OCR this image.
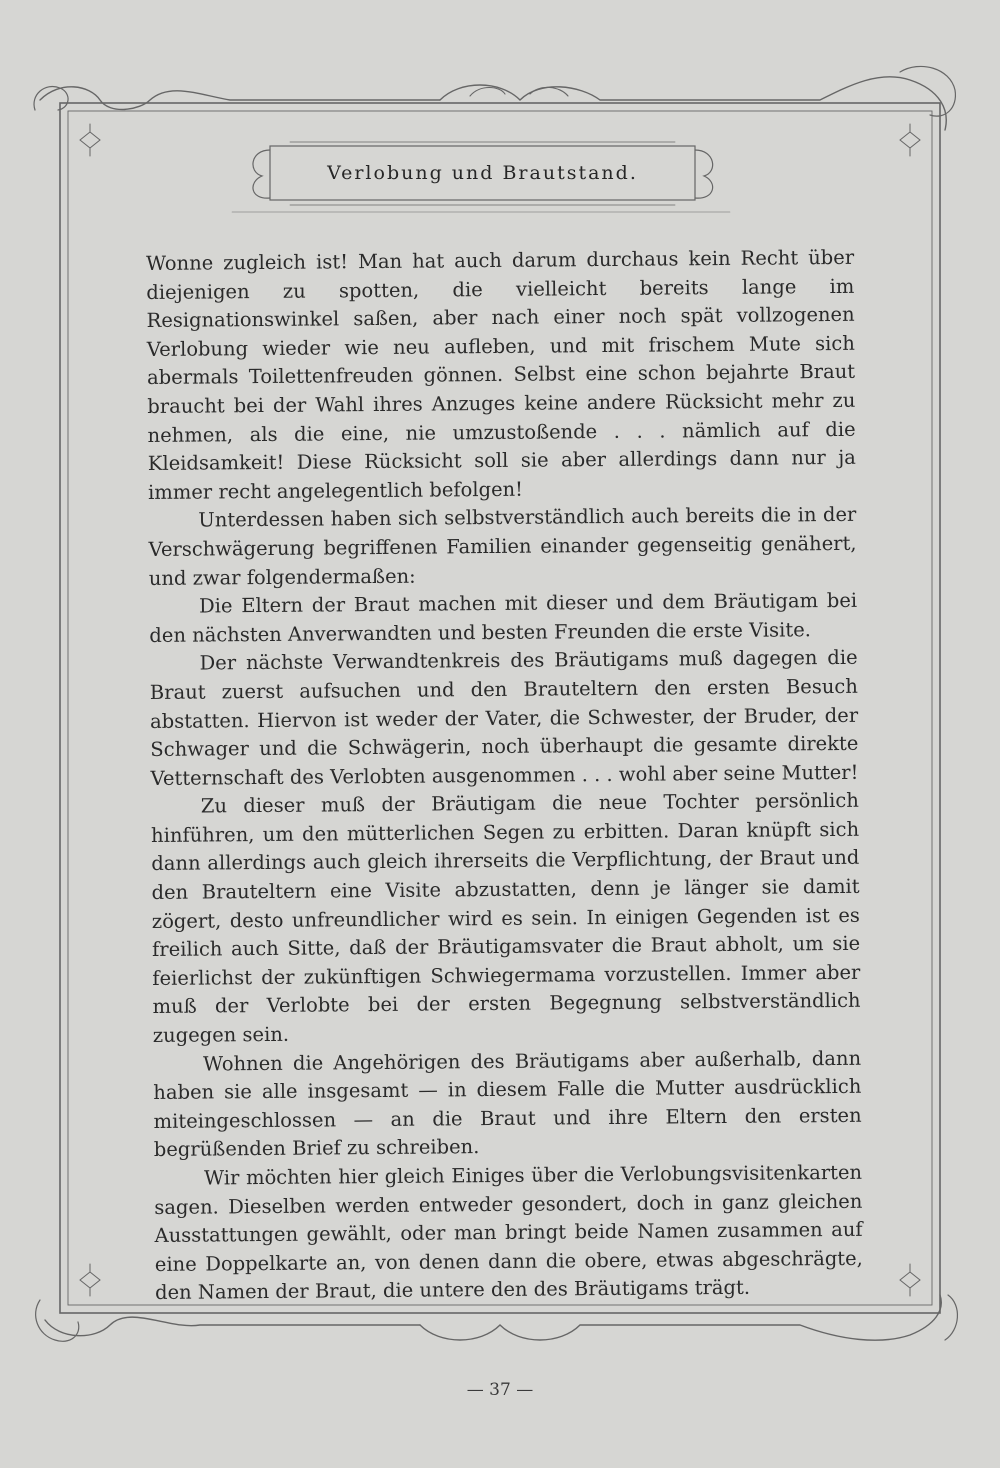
Verlobung und Brautstand.

Wonne zugleich ist! Man hat auch darum durchaus kein Recht über diejenigen zu spotten, die vielleicht bereits lange im Resignationswinkel saßen, aber nach einer noch spät vollzogenen Verlobung wieder wie neu aufleben, und mit frischem Mute sich abermals Toilettenfreuden gönnen. Selbst eine schon bejahrte Braut braucht bei der Wahl ihres Anzuges keine andere Rücksicht mehr zu nehmen, als die eine, nie umzustoßende . . . nämlich auf die Kleidsamkeit! Diese Rücksicht soll sie aber allerdings dann nur ja immer recht angelegentlich befolgen!

Unterdessen haben sich selbstverständlich auch bereits die in der Verschwägerung begriffenen Familien einander gegenseitig genähert, und zwar folgendermaßen:

Die Eltern der Braut machen mit dieser und dem Bräutigam bei den nächsten Anverwandten und besten Freunden die erste Visite.

Der nächste Verwandtenkreis des Bräutigams muß dagegen die Braut zuerst aufsuchen und den Brauteltern den ersten Besuch abstatten. Hiervon ist weder der Vater, die Schwester, der Bruder, der Schwager und die Schwägerin, noch überhaupt die gesamte direkte Vetternschaft des Verlobten ausgenommen . . . wohl aber seine Mutter!

Zu dieser muß der Bräutigam die neue Tochter persönlich hinführen, um den mütterlichen Segen zu erbitten. Daran knüpft sich dann allerdings auch gleich ihrerseits die Verpflichtung, der Braut und den Brauteltern eine Visite abzustatten, denn je länger sie damit zögert, desto unfreundlicher wird es sein. In einigen Gegenden ist es freilich auch Sitte, daß der Bräutigamsvater die Braut abholt, um sie feierlichst der zukünftigen Schwiegermama vorzustellen. Immer aber muß der Verlobte bei der ersten Begegnung selbstverständlich zugegen sein.

Wohnen die Angehörigen des Bräutigams aber außerhalb, dann haben sie alle insgesamt — in diesem Falle die Mutter ausdrücklich miteingeschlossen — an die Braut und ihre Eltern den ersten begrüßenden Brief zu schreiben.

Wir möchten hier gleich Einiges über die Verlobungsvisitenkarten sagen. Dieselben werden entweder gesondert, doch in ganz gleichen Ausstattungen gewählt, oder man bringt beide Namen zusammen auf eine Doppelkarte an, von denen dann die obere, etwas abgeschrägte, den Namen der Braut, die untere den des Bräutigams trägt.

— 37 —
